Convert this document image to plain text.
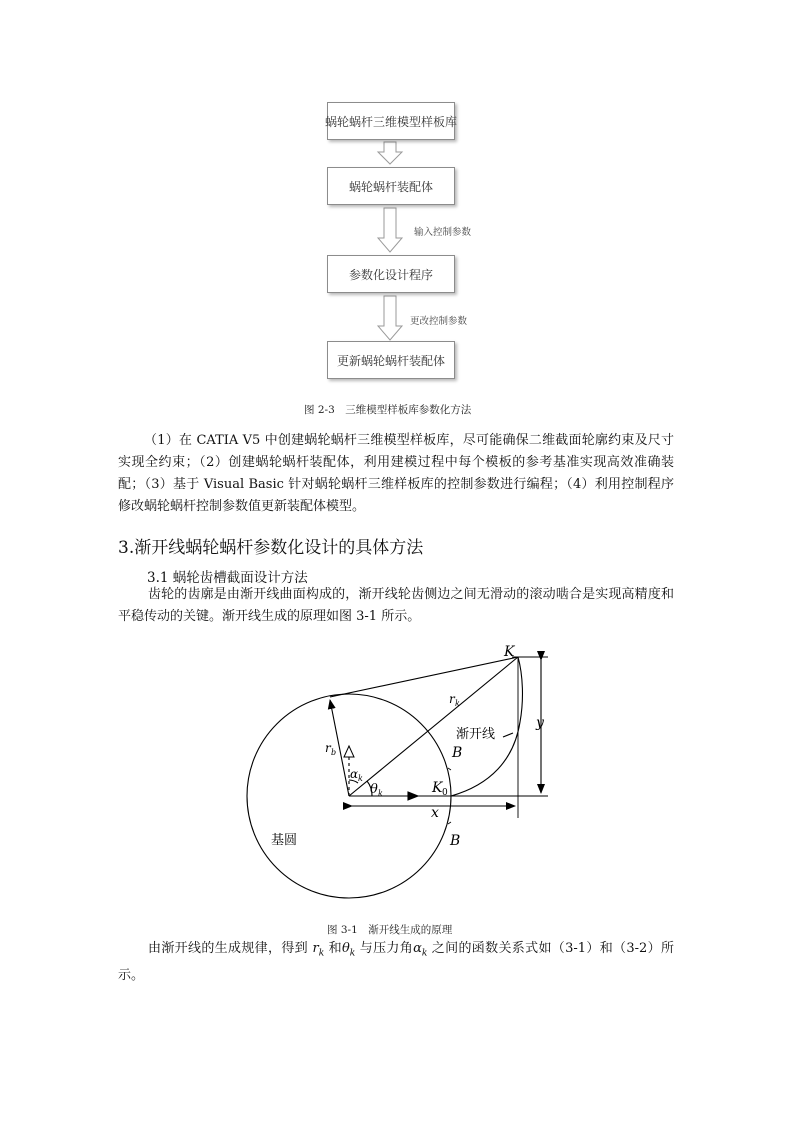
蜗轮蜗杆三维模型样板库
蜗轮蜗杆装配体
参数化设计程序
更新蜗轮蜗杆装配体
输入控制参数
更改控制参数
图 2-3　三维模型样板库参数化方法

（1）在 CATIA V5 中创建蜗轮蜗杆三维模型样板库，尽可能确保二维截面轮廓约束及尺寸实现全约束；（2）创建蜗轮蜗杆装配体，利用建模过程中每个模板的参考基准实现高效准确装配；（3）基于 Visual Basic 针对蜗轮蜗杆三维样板库的控制参数进行编程；（4）利用控制程序修改蜗轮蜗杆控制参数值更新装配体模型。

3.渐开线蜗轮蜗杆参数化设计的具体方法
3.1 蜗轮齿槽截面设计方法

齿轮的齿廓是由渐开线曲面构成的，渐开线轮齿侧边之间无滑动的滚动啮合是实现高精度和平稳传动的关键。渐开线生成的原理如图 3-1 所示。

K
r k
渐开线
y
r b	B
α k
θ k	K 0
x
基圆	B
图 3-1　渐开线生成的原理

由渐开线的生成规律，得到 $r_k$ 和$\theta_k$ 与压力角$\alpha_k$ 之间的函数关系式如（3-1）和（3-2）所示。
